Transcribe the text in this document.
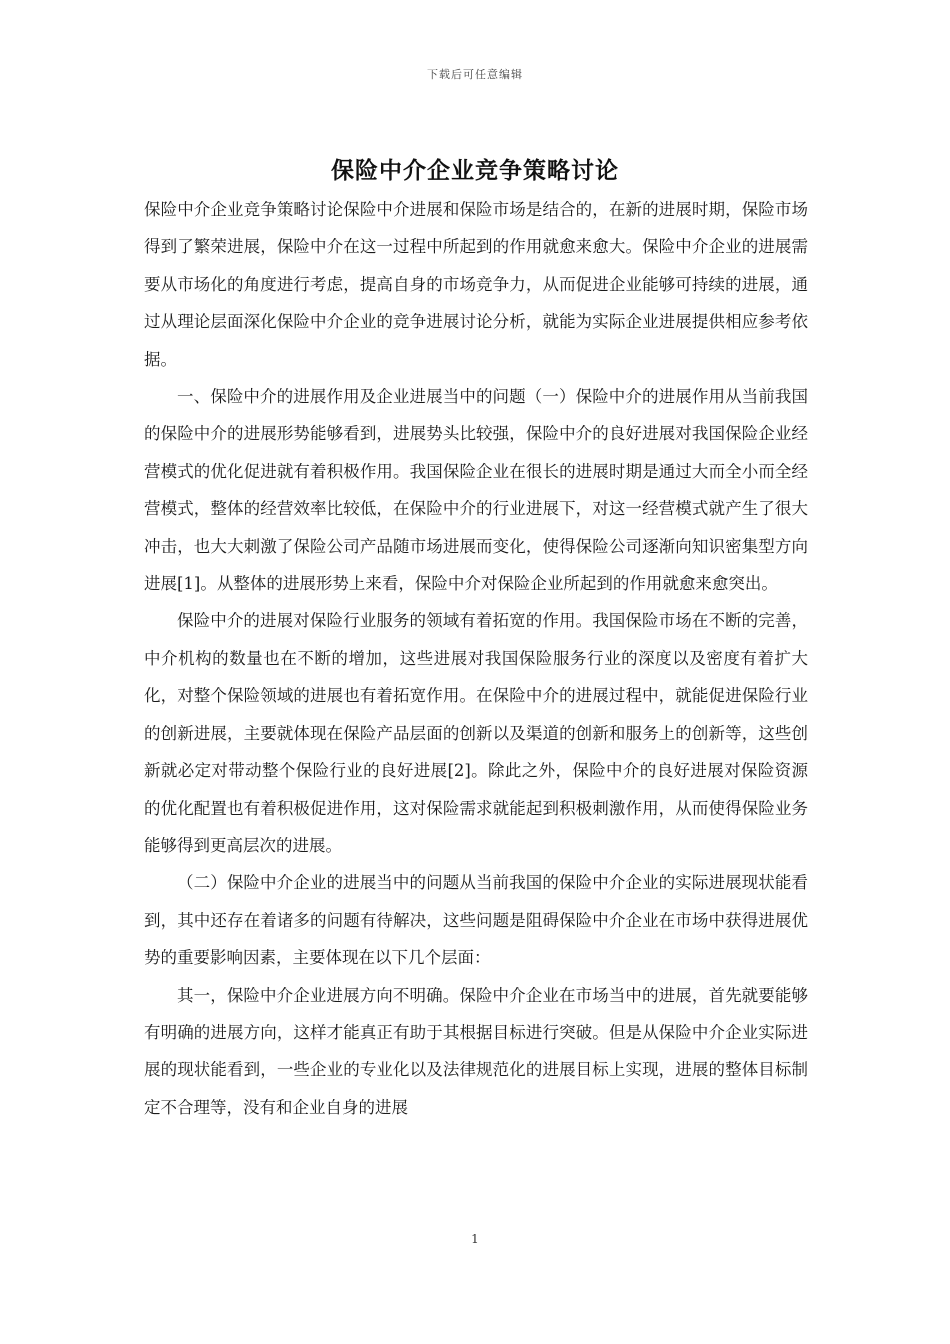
下载后可任意编辑
保险中介企业竞争策略讨论

保险中介企业竞争策略讨论保险中介进展和保险市场是结合的，在新的进展时期，保险市场得到了繁荣进展，保险中介在这一过程中所起到的作用就愈来愈大。保险中介企业的进展需要从市场化的角度进行考虑，提高自身的市场竞争力，从而促进企业能够可持续的进展，通过从理论层面深化保险中介企业的竞争进展讨论分析，就能为实际企业进展提供相应参考依据。

一、保险中介的进展作用及企业进展当中的问题（一）保险中介的进展作用从当前我国的保险中介的进展形势能够看到，进展势头比较强，保险中介的良好进展对我国保险企业经营模式的优化促进就有着积极作用。我国保险企业在很长的进展时期是通过大而全小而全经营模式，整体的经营效率比较低，在保险中介的行业进展下，对这一经营模式就产生了很大冲击，也大大刺激了保险公司产品随市场进展而变化，使得保险公司逐渐向知识密集型方向进展[1]。从整体的进展形势上来看，保险中介对保险企业所起到的作用就愈来愈突出。

保险中介的进展对保险行业服务的领域有着拓宽的作用。我国保险市场在不断的完善，中介机构的数量也在不断的增加，这些进展对我国保险服务行业的深度以及密度有着扩大化，对整个保险领域的进展也有着拓宽作用。在保险中介的进展过程中，就能促进保险行业的创新进展，主要就体现在保险产品层面的创新以及渠道的创新和服务上的创新等，这些创新就必定对带动整个保险行业的良好进展[2]。除此之外，保险中介的良好进展对保险资源的优化配置也有着积极促进作用，这对保险需求就能起到积极刺激作用，从而使得保险业务能够得到更高层次的进展。

（二）保险中介企业的进展当中的问题从当前我国的保险中介企业的实际进展现状能看到，其中还存在着诸多的问题有待解决，这些问题是阻碍保险中介企业在市场中获得进展优势的重要影响因素，主要体现在以下几个层面：

其一，保险中介企业进展方向不明确。保险中介企业在市场当中的进展，首先就要能够有明确的进展方向，这样才能真正有助于其根据目标进行突破。但是从保险中介企业实际进展的现状能看到，一些企业的专业化以及法律规范化的进展目标上实现，进展的整体目标制定不合理等，没有和企业自身的进展

1
